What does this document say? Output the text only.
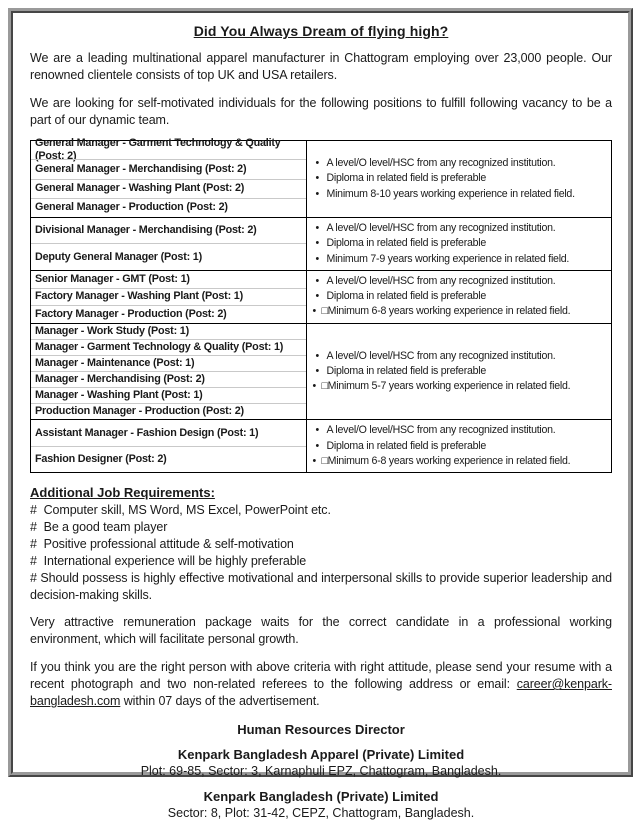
Did You Always Dream of flying high?
We are a leading multinational apparel manufacturer in Chattogram employing over 23,000 people. Our renowned clientele consists of top UK and USA retailers.
We are looking for self-motivated individuals for the following positions to fulfill following vacancy to be a part of our dynamic team.
General Manager - Garment Technology & Quality (Post: 2)
General Manager - Merchandising (Post: 2)
General Manager - Washing Plant (Post: 2)
General Manager - Production (Post: 2)
• A level/O level/HSC from any recognized institution.
• Diploma in related field is preferable
• Minimum 8-10 years working experience in related field.
Divisional Manager - Merchandising (Post: 2)
Deputy General Manager (Post: 1)
• A level/O level/HSC from any recognized institution.
• Diploma in related field is preferable
• Minimum 7-9 years working experience in related field.
Senior Manager - GMT (Post: 1)
Factory Manager - Washing Plant (Post: 1)
Factory Manager - Production (Post: 2)
• A level/O level/HSC from any recognized institution.
• Diploma in related field is preferable
• □Minimum 6-8 years working experience in related field.
Manager - Work Study (Post: 1)
Manager - Garment Technology & Quality (Post: 1)
Manager - Maintenance (Post: 1)
Manager - Merchandising (Post: 2)
Manager - Washing Plant (Post: 1)
Production Manager - Production (Post: 2)
• A level/O level/HSC from any recognized institution.
• Diploma in related field is preferable
• □Minimum 5-7 years working experience in related field.
Assistant Manager - Fashion Design (Post: 1)
Fashion Designer (Post: 2)
• A level/O level/HSC from any recognized institution.
• Diploma in related field is preferable
• □Minimum 6-8 years working experience in related field.
Additional Job Requirements:
#  Computer skill, MS Word, MS Excel, PowerPoint etc.
#  Be a good team player
#  Positive professional attitude & self-motivation
#  International experience will be highly preferable
# Should possess is highly effective motivational and interpersonal skills to provide superior leadership and decision-making skills.
Very attractive remuneration package waits for the correct candidate in a professional working environment, which will facilitate personal growth.
If you think you are the right person with above criteria with right attitude, please send your resume with a recent photograph and two non-related referees to the following address or email: career@kenpark-bangladesh.com within 07 days of the advertisement.
Human Resources Director
Kenpark Bangladesh Apparel (Private) Limited
Plot: 69-85, Sector: 3, Karnaphuli EPZ, Chattogram, Bangladesh.
Kenpark Bangladesh (Private) Limited
Sector: 8, Plot: 31-42, CEPZ, Chattogram, Bangladesh.
